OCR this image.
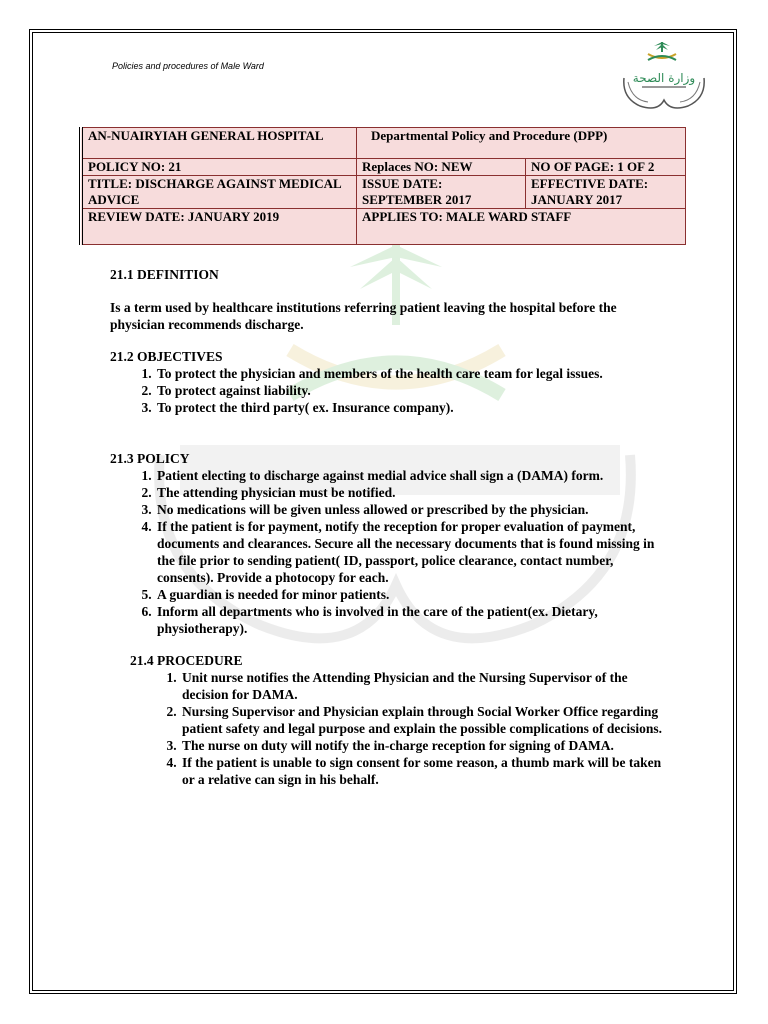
Policies and procedures of Male Ward
وزارة الصحة
AN-NUAIRYIAH GENERAL HOSPITAL	Departmental Policy and Procedure (DPP)	
POLICY NO: 21	Replaces NO: NEW	NO OF PAGE: 1 OF 2
TITLE: DISCHARGE AGAINST MEDICAL ADVICE	ISSUE DATE: SEPTEMBER 2017	EFFECTIVE DATE: JANUARY 2017
REVIEW DATE: JANUARY 2019	APPLIES TO: MALE WARD STAFF	

21.1 DEFINITION

Is a term used by healthcare institutions referring patient leaving the hospital before the physician recommends discharge.

21.2 OBJECTIVES

1. To protect the physician and members of the health care team for legal issues.
2. To protect against liability.
3. To protect the third party( ex. Insurance company).

21.3 POLICY

1. Patient electing to discharge against medial advice shall sign a (DAMA) form.
2. The attending physician must be notified.
3. No medications will be given unless allowed or prescribed by the physician.
4. If the patient is for payment, notify the reception for proper evaluation of payment, documents and clearances. Secure all the necessary documents that is found missing in the file prior to sending patient( ID, passport, police clearance, contact number, consents). Provide a photocopy for each.
5. A guardian is needed for minor patients.
6. Inform all departments who is involved in the care of the patient(ex. Dietary, physiotherapy).

21.4 PROCEDURE

1. Unit nurse notifies the Attending Physician and the Nursing Supervisor of the decision for DAMA.
2. Nursing Supervisor and Physician explain through Social Worker Office regarding patient safety and legal purpose and explain the possible complications of decisions.
3. The nurse on duty will notify the in-charge reception for signing of DAMA.
4. If the patient is unable to sign consent for some reason, a thumb mark will be taken or a relative can sign in his behalf.
